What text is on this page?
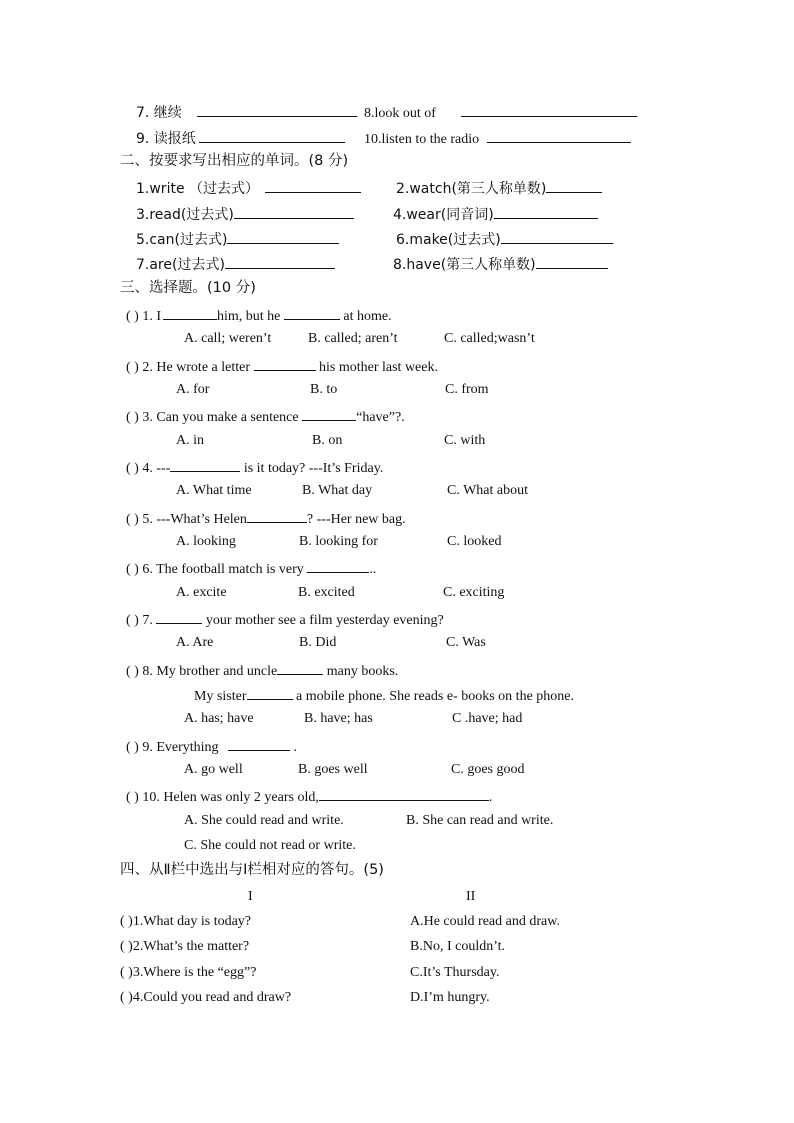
7. 继续	8.look out of
9. 读报纸	10.listen to the radio
二、按要求写出相应的单词。(8 分)
1.write （过去式）	2.watch(第三人称单数)
3.read(过去式)	4.wear(同音词)
5.can(过去式)	6.make(过去式)
7.are(过去式)	8.have(第三人称单数)
三、选择题。(10 分)
( ) 1. I	him, but he	at home.
A. call; weren’t	B. called; aren’t	C. called;wasn’t
( ) 2. He wrote a letter	his mother last week.
A. for	B. to	C. from
( ) 3. Can you make a sentence	“have”?.
A. in	B. on	C. with
( ) 4. ---	is it today? ---It’s Friday.
A. What time	B. What day	C. What about
( ) 5. ---What’s Helen	? ---Her new bag.
A. looking	B. looking for	C. looked
( ) 6. The football match is very	..
A. excite	B. excited	C. exciting
( ) 7.	your mother see a film yesterday evening?
A. Are	B. Did	C. Was
( ) 8. My brother and uncle	many books.
My sister	a mobile phone. She reads e- books on the phone.
A. has; have	B. have; has	C .have; had
( ) 9. Everything	.
A. go well	B. goes well	C. goes good
( ) 10. Helen was only 2 years old,	.
A. She could read and write.	B. She can read and write.
C. She could not read or write.
四、从Ⅱ栏中选出与Ⅰ栏相对应的答句。(5)
I	II
( )1.What day is today?	A.He could read and draw.
( )2.What’s the matter?	B.No, I couldn’t.
( )3.Where is the “egg”?	C.It’s Thursday.
( )4.Could you read and draw?	D.I’m hungry.
